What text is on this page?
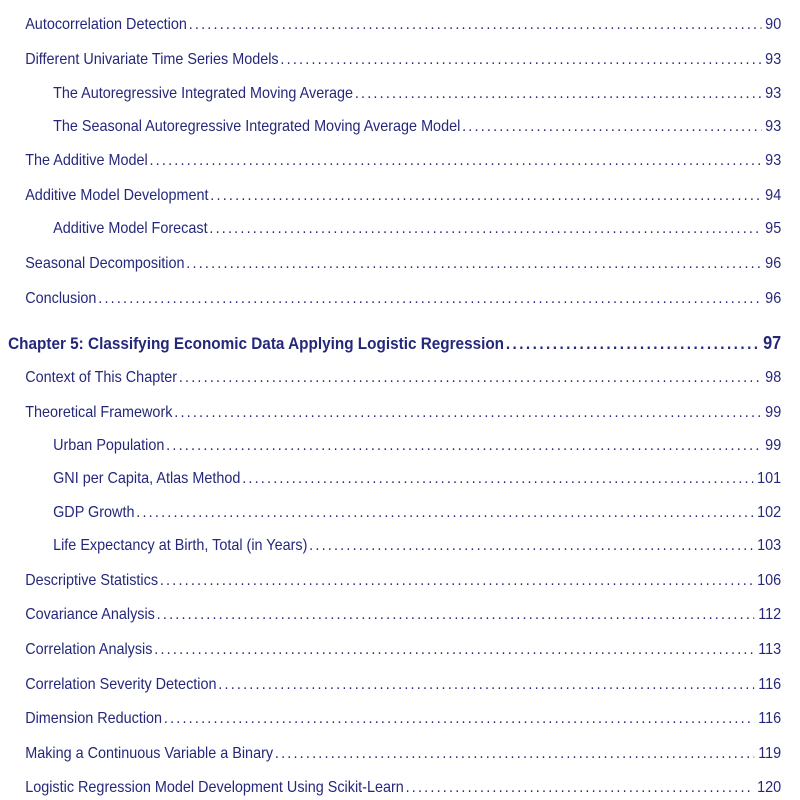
Autocorrelation Detection . . .	90
Different Univariate Time Series Models . . .	93
The Autoregressive Integrated Moving Average . . .	93
The Seasonal Autoregressive Integrated Moving Average Model . . .	93
The Additive Model . . .	93
Additive Model Development . . .	94
Additive Model Forecast . . .	95
Seasonal Decomposition . . .	96
Conclusion . . .	96
Chapter 5: Classifying Economic Data Applying Logistic Regression . . .	97
Context of This Chapter . . .	98
Theoretical Framework . . .	99
Urban Population . . .	99
GNI per Capita, Atlas Method . . .	101
GDP Growth . . .	102
Life Expectancy at Birth, Total (in Years) . . .	103
Descriptive Statistics . . .	106
Covariance Analysis . . .	112
Correlation Analysis . . .	113
Correlation Severity Detection . . .	116
Dimension Reduction . . .	116
Making a Continuous Variable a Binary . . .	119
Logistic Regression Model Development Using Scikit-Learn . . .	120
